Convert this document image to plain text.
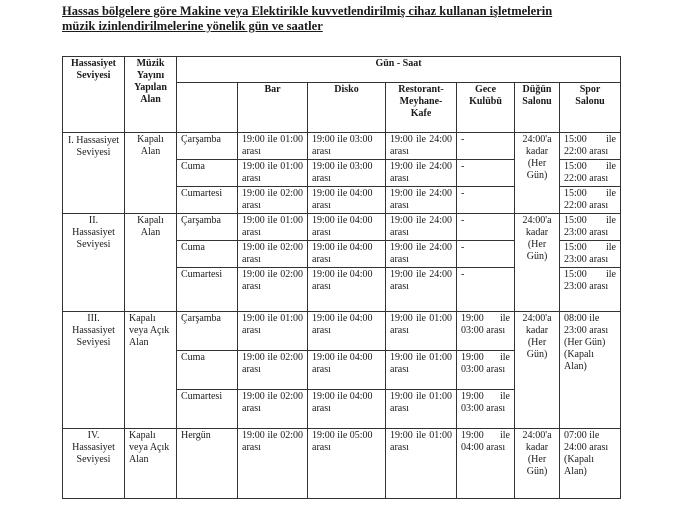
Hassas bölgelere göre Makine veya Elektirikle kuvvetlendirilmiş cihaz kullanan işletmelerin
müzik izinlendirilmelerine yönelik gün ve saatler
Hassasiyet Seviyesi	Müzik Yayını Yapılan Alan	Gün - Saat						
			Bar	Disko	Restorant-Meyhane-Kafe	Gece Kulübü	Düğün Salonu	Spor Salonu
I. Hassasiyet Seviyesi	Kapalı Alan	Çarşamba	19:00 ile 01:00 arası	19:00 ile 03:00 arası	19:00 ile 24:00 arası	-	24:00'a kadar (Her Gün)	15:00 ile 22:00 arası
		Cuma	19:00 ile 01:00 arası	19:00 ile 03:00 arası	19:00 ile 24:00 arası	-		15:00 ile 22:00 arası
		Cumartesi	19:00 ile 02:00 arası	19:00 ile 04:00 arası	19:00 ile 24:00 arası	-		15:00 ile 22:00 arası
II. Hassasiyet Seviyesi	Kapalı Alan	Çarşamba	19:00 ile 01:00 arası	19:00 ile 04:00 arası	19:00 ile 24:00 arası	-	24:00'a kadar (Her Gün)	15:00 ile 23:00 arası
		Cuma	19:00 ile 02:00 arası	19:00 ile 04:00 arası	19:00 ile 24:00 arası	-		15:00 ile 23:00 arası
		Cumartesi	19:00 ile 02:00 arası	19:00 ile 04:00 arası	19:00 ile 24:00 arası	-		15:00 ile 23:00 arası
III. Hassasiyet Seviyesi	Kapalı veya Açık Alan	Çarşamba	19:00 ile 01:00 arası	19:00 ile 04:00 arası	19:00 ile 01:00 arası	19:00 ile 03:00 arası	24:00'a kadar (Her Gün)	08:00 ile 23:00 arası (Her Gün) (Kapalı Alan)
		Cuma	19:00 ile 02:00 arası	19:00 ile 04:00 arası	19:00 ile 01:00 arası	19:00 ile 03:00 arası		
		Cumartesi	19:00 ile 02:00 arası	19:00 ile 04:00 arası	19:00 ile 01:00 arası	19:00 ile 03:00 arası		
IV. Hassasiyet Seviyesi	Kapalı veya Açık Alan	Hergün	19:00 ile 02:00 arası	19:00 ile 05:00 arası	19:00 ile 01:00 arası	19:00 ile 04:00 arası	24:00'a kadar (Her Gün)	07:00 ile 24:00 arası (Kapalı Alan)
